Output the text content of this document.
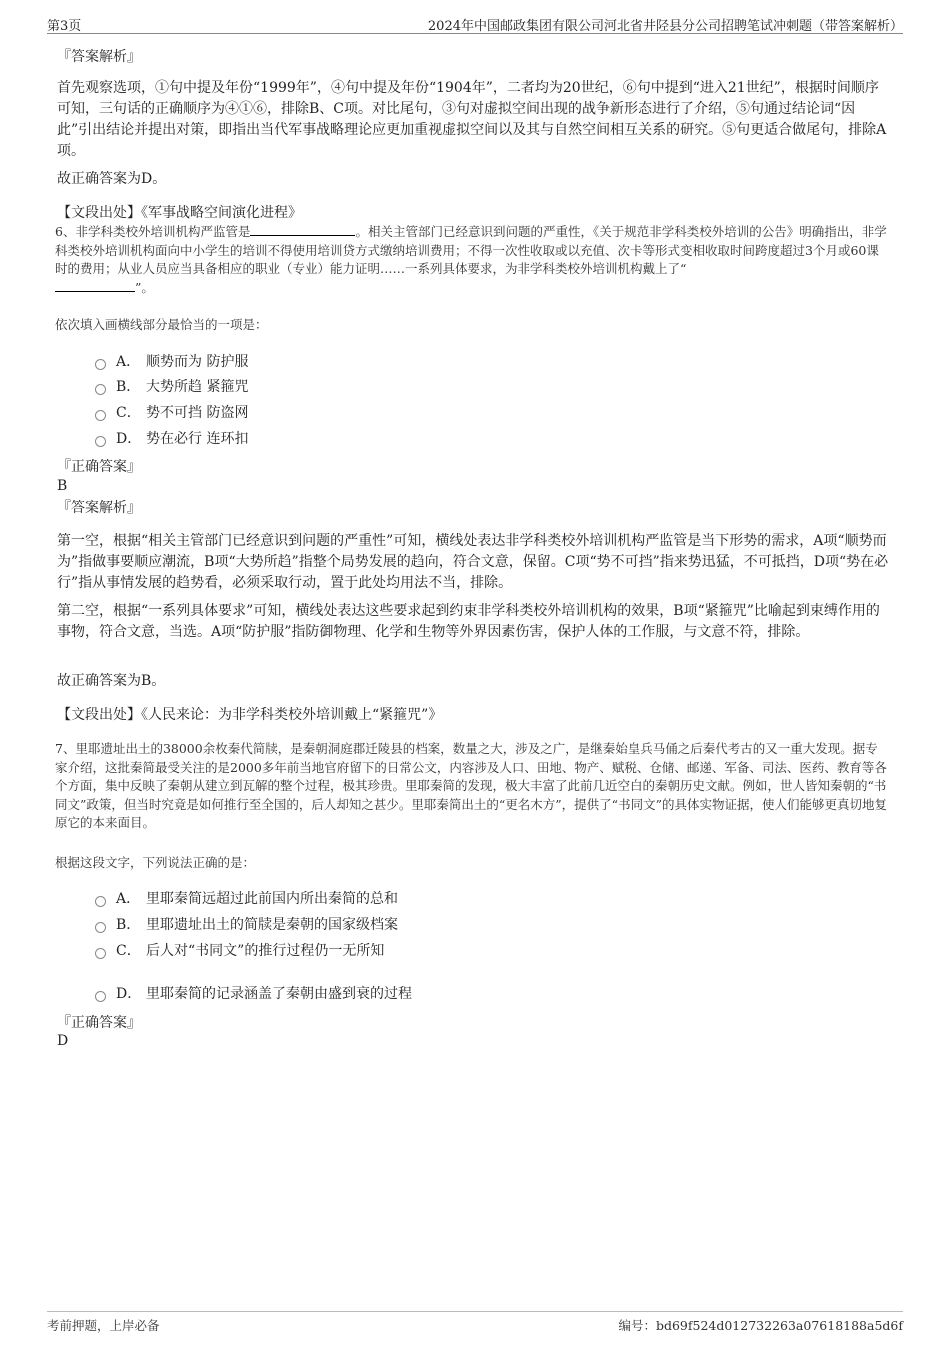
第3页	2024年中国邮政集团有限公司河北省井陉县分公司招聘笔试冲刺题（带答案解析）
『答案解析』

首先观察选项，①句中提及年份“1999年”，④句中提及年份“1904年”，二者均为20世纪，⑥句中提到“进入21世纪”，根据时间顺序可知，三句话的正确顺序为④①⑥，排除B、C项。对比尾句，③句对虚拟空间出现的战争新形态进行了介绍，⑤句通过结论词“因此”引出结论并提出对策，即指出当代军事战略理论应更加重视虚拟空间以及其与自然空间相互关系的研究。⑤句更适合做尾句，排除A项。

故正确答案为D。
【文段出处】《军事战略空间演化进程》
6、非学科类校外培训机构严监管是	。相关主管部门已经意识到问题的严重性，《关于规范非学科类校外培训的公告》明确指出，非学科类校外培训机构面向中小学生的培训不得使用培训贷方式缴纳培训费用；不得一次性收取或以充值、次卡等形式变相收取时间跨度超过3个月或60课时的费用；从业人员应当具备相应的职业（专业）能力证明……一系列具体要求，为非学科类校外培训机构戴上了“
”。
依次填入画横线部分最恰当的一项是：
A． 顺势而为 防护服
B． 大势所趋 紧箍咒
C． 势不可挡 防盗网
D． 势在必行 连环扣
『正确答案』
B
『答案解析』

第一空，根据“相关主管部门已经意识到问题的严重性”可知，横线处表达非学科类校外培训机构严监管是当下形势的需求，A项“顺势而为”指做事要顺应潮流，B项“大势所趋”指整个局势发展的趋向，符合文意，保留。C项“势不可挡”指来势迅猛，不可抵挡，D项“势在必行”指从事情发展的趋势看，必须采取行动，置于此处均用法不当，排除。

第二空，根据“一系列具体要求”可知，横线处表达这些要求起到约束非学科类校外培训机构的效果，B项“紧箍咒”比喻起到束缚作用的事物，符合文意，当选。A项“防护服”指防御物理、化学和生物等外界因素伤害，保护人体的工作服，与文意不符，排除。

故正确答案为B。
【文段出处】《人民来论：为非学科类校外培训戴上“紧箍咒”》

7、里耶遗址出土的38000余枚秦代简牍，是秦朝洞庭郡迁陵县的档案，数量之大，涉及之广，是继秦始皇兵马俑之后秦代考古的又一重大发现。据专家介绍，这批秦简最受关注的是2000多年前当地官府留下的日常公文，内容涉及人口、田地、物产、赋税、仓储、邮递、军备、司法、医药、教育等各个方面，集中反映了秦朝从建立到瓦解的整个过程，极其珍贵。里耶秦简的发现，极大丰富了此前几近空白的秦朝历史文献。例如，世人皆知秦朝的“书同文”政策，但当时究竟是如何推行至全国的，后人却知之甚少。里耶秦简出土的“更名木方”，提供了“书同文”的具体实物证据，使人们能够更真切地复原它的本来面目。

根据这段文字，下列说法正确的是：
A． 里耶秦简远超过此前国内所出秦简的总和
B． 里耶遗址出土的简牍是秦朝的国家级档案
C． 后人对“书同文”的推行过程仍一无所知
D． 里耶秦简的记录涵盖了秦朝由盛到衰的过程
『正确答案』
D
考前押题，上岸必备	编号：bd69f524d012732263a07618188a5d6f
